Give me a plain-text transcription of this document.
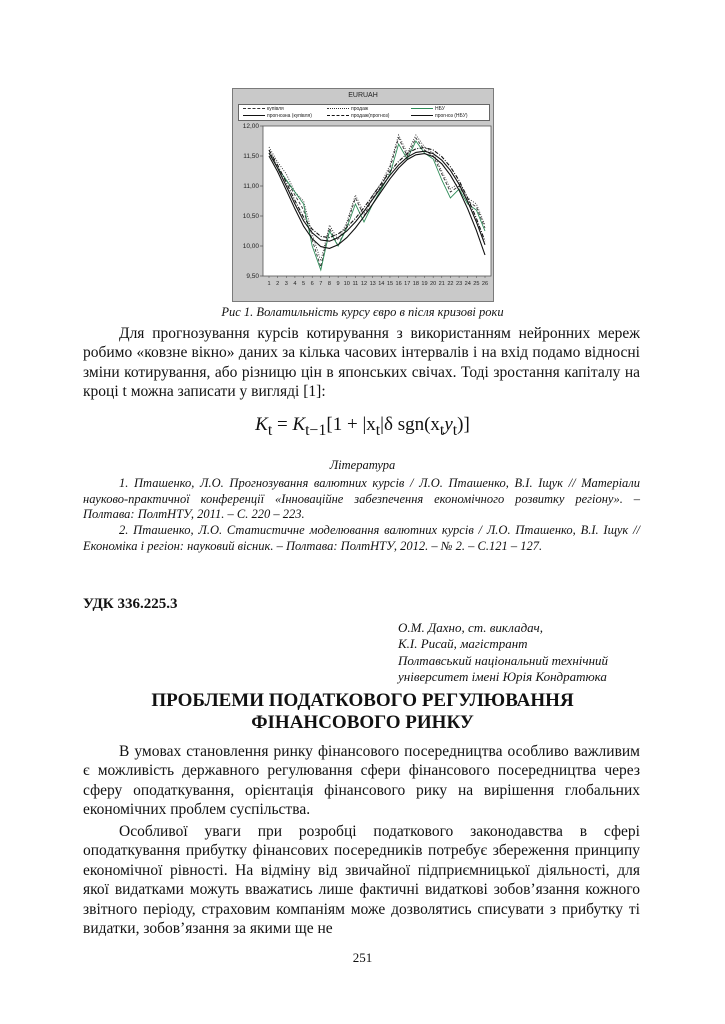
EURUAH
купівля	продаж	НБУ
прогнозна (купівля)	продаж(прогноз)	прогноз (НБУ)
9,50
10,00
10,50
11,00
11,50
12,00
1 2 3 4 5 6 7 8 9 10 11 12 13 14 15 16 17 18 19 20 21 22 23 24 25 26
Рис 1. Волатильність курсу євро в після кризові роки

Для прогнозування курсів котирування з використанням нейронних мереж робимо «ковзне вікно» даних за кілька часових інтервалів і на вхід подамо відносні зміни котирування, або різницю цін в японських свічах. Тоді зростання капіталу на кроці t можна записати у вигляді [1]:

$K_t = K_{t-1}[1 + |x_t|\delta$ $sgn(x_ty_t)$]
Література

1. Пташенко, Л.О. Прогнозування валютних курсів / Л.О. Пташенко, В.І. Іщук // Матеріали науково-практичної конференції «Інноваційне забезпечення економічного розвитку регіону». – Полтава: ПолтНТУ, 2011. – С. 220 – 223.

2. Пташенко, Л.О. Статистичне моделювання валютних курсів / Л.О. Пташенко, В.І. Іщук // Економіка і регіон: науковий вісник. – Полтава: ПолтНТУ, 2012. – № 2. – С.121 – 127.

УДК 336.225.3
О.М. Дахно, ст. викладач,
К.І. Рисай, магістрант
Полтавський національний технічний
університет імені Юрія Кондратюка
ПРОБЛЕМИ ПОДАТКОВОГО РЕГУЛЮВАННЯ
ФІНАНСОВОГО РИНКУ

В умовах становлення ринку фінансового посередництва особливо важливим є можливість державного регулювання сфери фінансового посередництва через сферу оподаткування, орієнтація фінансового рику на вирішення глобальних економічних проблем суспільства.

Особливої уваги при розробці податкового законодавства в сфері оподаткування прибутку фінансових посередників потребує збереження принципу економічної рівності. На відміну від звичайної підприємницької діяльності, для якої видатками можуть вважатись лише фактичні видаткові зобов’язання кожного звітного періоду, страховим компаніям може дозволятись списувати з прибутку ті видатки, зобов’язання за якими ще не

251
